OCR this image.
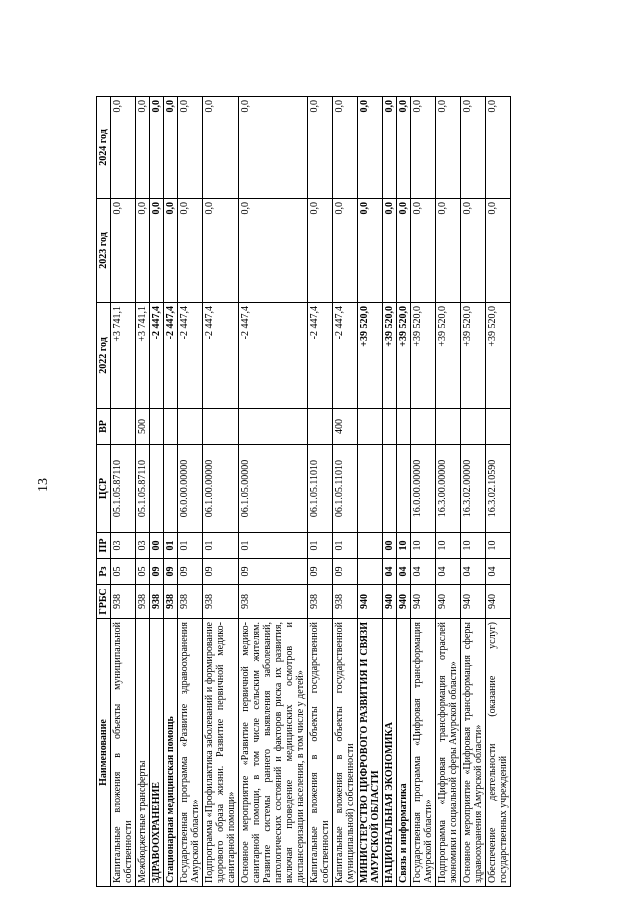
13
Наименование	ГРБС	Рз	ПР	ЦСР	ВР	2022 год	2023 год	2024 год
Капитальные вложения в объекты муниципальной собственности	938	05	03	05.1.05.87110		+3 741,1	0,0	0,0
Межбюджетные трансферты	938	05	03	05.1.05.87110	500	+3 741,1	0,0	0,0
ЗДРАВООХРАНЕНИЕ	938	09	00			-2 447,4	0,0	0,0
Стационарная медицинская помощь	938	09	01			-2 447,4	0,0	0,0
Государственная программа «Развитие здравоохранения Амурской области»	938	09	01	06.0.00.00000		-2 447,4	0,0	0,0
Подпрограмма «Профилактика заболеваний и формирование здорового образа жизни. Развитие первичной медико-санитарной помощи»	938	09	01	06.1.00.00000		-2 447,4	0,0	0,0
Основное мероприятие «Развитие первичной медико-санитарной помощи, в том числе сельским жителям. Развитие системы раннего выявления заболеваний, патологических состояний и факторов риска их развития, включая проведение медицинских осмотров и диспансеризации населения, в том числе у детей»	938	09	01	06.1.05.00000		-2 447,4	0,0	0,0
Капитальные вложения в объекты государственной собственности	938	09	01	06.1.05.11010		-2 447,4	0,0	0,0
Капитальные вложения в объекты государственной (муниципальной) собственности	938	09	01	06.1.05.11010	400	-2 447,4	0,0	0,0
МИНИСТЕРСТВО ЦИФРОВОГО РАЗВИТИЯ И СВЯЗИ АМУРСКОЙ ОБЛАСТИ	940					+39 520,0	0,0	0,0
НАЦИОНАЛЬНАЯ ЭКОНОМИКА	940	04	00			+39 520,0	0,0	0,0
Связь и информатика	940	04	10			+39 520,0	0,0	0,0
Государственная программа «Цифровая трансформация Амурской области»	940	04	10	16.0.00.00000		+39 520,0	0,0	0,0
Подпрограмма «Цифровая трансформация отраслей экономики и социальной сферы Амурской области»	940	04	10	16.3.00.00000		+39 520,0	0,0	0,0
Основное мероприятие «Цифровая трансформация сферы здравоохранения Амурской области»	940	04	10	16.3.02.00000		+39 520,0	0,0	0,0
Обеспечение деятельности (оказание услуг) государственных учреждений	940	04	10	16.3.02.10590		+39 520,0	0,0	0,0
